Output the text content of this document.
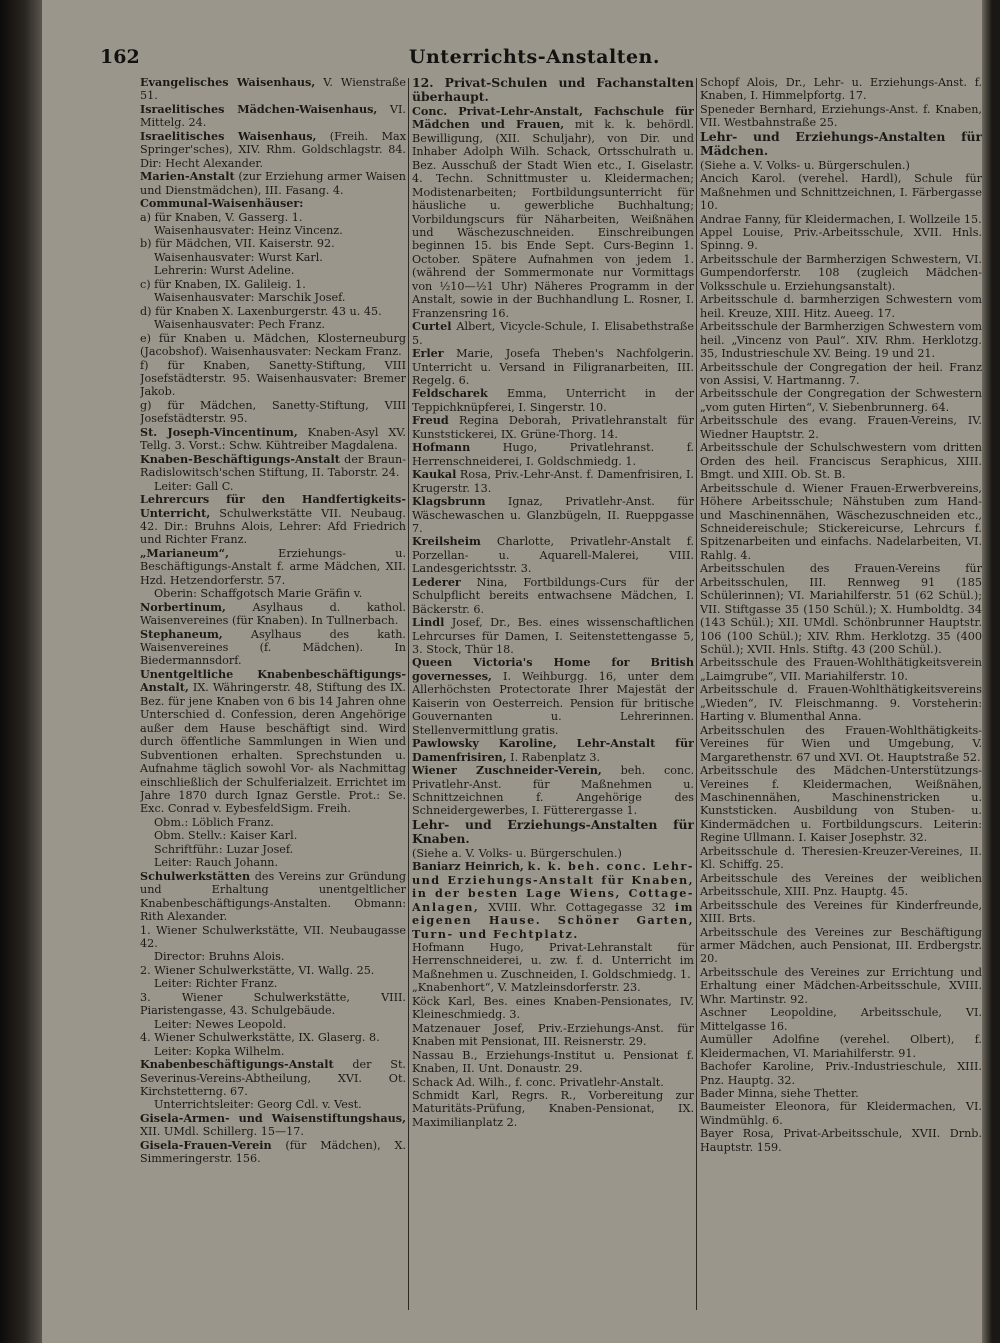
162	Unterrichts-Anstalten.

Evangelisches Waisenhaus, V. Wienstraße 51.

Israelitisches Mädchen-Waisenhaus, VI. Mittelg. 24.

Israelitisches Waisenhaus, (Freih. Max Springer'sches), XIV. Rhm. Goldschlagstr. 84. Dir: Hecht Alexander.

Marien-Anstalt (zur Erziehung armer Waisen und Dienstmädchen), III. Fasang. 4.

Communal-Waisenhäuser:

a) für Knaben, V. Gasserg. 1.

Waisenhausvater: Heinz Vincenz.

b) für Mädchen, VII. Kaiserstr. 92.

Waisenhausvater: Wurst Karl.

Lehrerin: Wurst Adeline.

c) für Knaben, IX. Galileig. 1.

Waisenhausvater: Marschik Josef.

d) für Knaben X. Laxenburgerstr. 43 u. 45.

Waisenhausvater: Pech Franz.

e) für Knaben u. Mädchen, Klosterneuburg (Jacobshof). Waisenhausvater: Neckam Franz.

f) für Knaben, Sanetty-Stiftung, VIII Josefstädterstr. 95. Waisenhausvater: Bremer Jakob.

g) für Mädchen, Sanetty-Stiftung, VIII Josefstädterstr. 95.

St. Joseph-Vincentinum, Knaben-Asyl XV. Tellg. 3. Vorst.: Schw. Kühtreiber Magdalena.

Knaben-Beschäftigungs-Anstalt der Braun-Radislowitsch'schen Stiftung, II. Taborstr. 24.

Leiter: Gall C.

Lehrercurs für den Handfertigkeits-Unterricht, Schulwerkstätte VII. Neubaug. 42. Dir.: Bruhns Alois, Lehrer: Afd Friedrich und Richter Franz.

„Marianeum“, Erziehungs- u. Beschäftigungs-Anstalt f. arme Mädchen, XII. Hzd. Hetzendorferstr. 57.

Oberin: Schaffgotsch Marie Gräfin v.

Norbertinum, Asylhaus d. kathol. Waisenvereines (für Knaben). In Tullnerbach.

Stephaneum, Asylhaus des kath. Waisenvereines (f. Mädchen). In Biedermannsdorf.

Unentgeltliche Knabenbeschäftigungs-Anstalt, IX. Währingerstr. 48, Stiftung des IX. Bez. für jene Knaben von 6 bis 14 Jahren ohne Unterschied d. Confession, deren Angehörige außer dem Hause beschäftigt sind. Wird durch öffentliche Sammlungen in Wien und Subventionen erhalten. Sprechstunden u. Aufnahme täglich sowohl Vor- als Nachmittag einschließlich der Schulferialzeit. Errichtet im Jahre 1870 durch Ignaz Gerstle. Prot.: Se. Exc. Conrad v. EybesfeldSigm. Freih.

Obm.: Löblich Franz.

Obm. Stellv.: Kaiser Karl.

Schriftführ.: Luzar Josef.

Leiter: Rauch Johann.

Schulwerkstätten des Vereins zur Gründung und Erhaltung unentgeltlicher Knabenbeschäftigungs-Anstalten. Obmann: Rith Alexander.

1. Wiener Schulwerkstätte, VII. Neubaugasse 42.

Director: Bruhns Alois.

2. Wiener Schulwerkstätte, VI. Wallg. 25.

Leiter: Richter Franz.

3. Wiener Schulwerkstätte, VIII. Piaristengasse, 43. Schulgebäude.

Leiter: Newes Leopold.

4. Wiener Schulwerkstätte, IX. Glaserg. 8.

Leiter: Kopka Wilhelm.

Knabenbeschäftigungs-Anstalt der St. Severinus-Vereins-Abtheilung, XVI. Ot. Kirchstetterng. 67.

Unterrichtsleiter: Georg Cdl. v. Vest.

Gisela-Armen- und Waisenstiftungshaus, XII. UMdl. Schillerg. 15—17.

Gisela-Frauen-Verein (für Mädchen), X. Simmeringerstr. 156.

12. Privat-Schulen und Fachanstalten überhaupt.

Conc. Privat-Lehr-Anstalt, Fachschule für Mädchen und Frauen, mit k. k. behördl. Bewilligung, (XII. Schuljahr), von Dir. und Inhaber Adolph Wilh. Schack, Ortsschulrath u. Bez. Ausschuß der Stadt Wien etc., I. Giselastr. 4. Techn. Schnittmuster u. Kleidermachen; Modistenarbeiten; Fortbildungsunterricht für häusliche u. gewerbliche Buchhaltung; Vorbildungscurs für Näharbeiten, Weißnähen und Wäschezuschneiden. Einschreibungen beginnen 15. bis Ende Sept. Curs-Beginn 1. October. Spätere Aufnahmen von jedem 1. (während der Sommermonate nur Vormittags von ½10—½1 Uhr) Näheres Programm in der Anstalt, sowie in der Buchhandlung L. Rosner, I. Franzensring 16.

Curtel Albert, Vicycle-Schule, I. Elisabethstraße 5.

Erler Marie, Josefa Theben's Nachfolgerin. Unterricht u. Versand in Filigranarbeiten, III. Regelg. 6.

Feldscharek Emma, Unterricht in der Teppichknüpferei, I. Singerstr. 10.

Freud Regina Deborah, Privatlehranstalt für Kunststickerei, IX. Grüne-Thorg. 14.

Hofmann Hugo, Privatlehranst. f. Herrenschneiderei, I. Goldschmiedg. 1.

Kaukal Rosa, Priv.-Lehr-Anst. f. Damenfrisiren, I. Krugerstr. 13.

Klagsbrunn Ignaz, Privatlehr-Anst. für Wäschewaschen u. Glanzbügeln, II. Rueppgasse 7.

Kreilsheim Charlotte, Privatlehr-Anstalt f. Porzellan- u. Aquarell-Malerei, VIII. Landesgerichtsstr. 3.

Lederer Nina, Fortbildungs-Curs für der Schulpflicht bereits entwachsene Mädchen, I. Bäckerstr. 6.

Lindl Josef, Dr., Bes. eines wissenschaftlichen Lehrcurses für Damen, I. Seitenstettengasse 5, 3. Stock, Thür 18.

Queen Victoria's Home for British governesses, I. Weihburgg. 16, unter dem Allerhöchsten Protectorate Ihrer Majestät der Kaiserin von Oesterreich. Pension für britische Gouvernanten u. Lehrerinnen. Stellenvermittlung gratis.

Pawlowsky Karoline, Lehr-Anstalt für Damenfrisiren, I. Rabenplatz 3.

Wiener Zuschneider-Verein, beh. conc. Privatlehr-Anst. für Maßnehmen u. Schnittzeichnen f. Angehörige des Schneidergewerbes, I. Fütterergasse 1.

Lehr- und Erziehungs-Anstalten für Knaben.

(Siehe a. V. Volks- u. Bürgerschulen.)

Baniarz Heinrich, k. k. beh. conc. Lehr- und Erziehungs-Anstalt für Knaben, in der besten Lage Wiens, Cottage-Anlagen, XVIII. Whr. Cottagegasse 32 im eigenen Hause. Schöner Garten, Turn- und Fechtplatz.

Hofmann Hugo, Privat-Lehranstalt für Herrenschneiderei, u. zw. f. d. Unterricht im Maßnehmen u. Zuschneiden, I. Goldschmiedg. 1.

„Knabenhort“, V. Matzleinsdorferstr. 23.

Köck Karl, Bes. eines Knaben-Pensionates, IV. Kleineschmiedg. 3.

Matzenauer Josef, Priv.-Erziehungs-Anst. für Knaben mit Pensionat, III. Reisnerstr. 29.

Nassau B., Erziehungs-Institut u. Pensionat f. Knaben, II. Unt. Donaustr. 29.

Schack Ad. Wilh., f. conc. Privatlehr-Anstalt.

Schmidt Karl, Regrs. R., Vorbereitung zur Maturitäts-Prüfung, Knaben-Pensionat, IX. Maximilianplatz 2.

Schopf Alois, Dr., Lehr- u. Erziehungs-Anst. f. Knaben, I. Himmelpfortg. 17.

Speneder Bernhard, Erziehungs-Anst. f. Knaben, VII. Westbahnstraße 25.

Lehr- und Erziehungs-Anstalten für Mädchen.

(Siehe a. V. Volks- u. Bürgerschulen.)

Ancich Karol. (verehel. Hardl), Schule für Maßnehmen und Schnittzeichnen, I. Färbergasse 10.

Andrae Fanny, für Kleidermachen, I. Wollzeile 15.

Appel Louise, Priv.-Arbeitsschule, XVII. Hnls. Spinng. 9.

Arbeitsschule der Barmherzigen Schwestern, VI. Gumpendorferstr. 108 (zugleich Mädchen-Volksschule u. Erziehungsanstalt).

Arbeitsschule d. barmherzigen Schwestern vom heil. Kreuze, XIII. Hitz. Aueeg. 17.

Arbeitsschule der Barmherzigen Schwestern vom heil. „Vincenz von Paul“. XIV. Rhm. Herklotzg. 35, Industrieschule XV. Being. 19 und 21.

Arbeitsschule der Congregation der heil. Franz von Assisi, V. Hartmanng. 7.

Arbeitsschule der Congregation der Schwestern „vom guten Hirten“, V. Siebenbrunnerg. 64.

Arbeitsschule des evang. Frauen-Vereins, IV. Wiedner Hauptstr. 2.

Arbeitsschule der Schulschwestern vom dritten Orden des heil. Franciscus Seraphicus, XIII. Bmgt. und XIII. Ob. St. B.

Arbeitsschule d. Wiener Frauen-Erwerbvereins, Höhere Arbeitsschule; Nähstuben zum Hand- und Maschinennähen, Wäschezuschneiden etc., Schneidereischule; Stickereicurse, Lehrcurs f. Spitzenarbeiten und einfachs. Nadelarbeiten, VI. Rahlg. 4.

Arbeitsschulen des Frauen-Vereins für Arbeitsschulen, III. Rennweg 91 (185 Schülerinnen); VI. Mariahilferstr. 51 (62 Schül.); VII. Stiftgasse 35 (150 Schül.); X. Humboldtg. 34 (143 Schül.); XII. UMdl. Schönbrunner Hauptstr. 106 (100 Schül.); XIV. Rhm. Herklotzg. 35 (400 Schül.); XVII. Hnls. Stiftg. 43 (200 Schül.).

Arbeitsschule des Frauen-Wohlthätigkeitsverein „Laimgrube“, VII. Mariahilferstr. 10.

Arbeitsschule d. Frauen-Wohlthätigkeitsvereins „Wieden“, IV. Fleischmanng. 9. Vorsteherin: Harting v. Blumenthal Anna.

Arbeitsschulen des Frauen-Wohlthätigkeits-Vereines für Wien und Umgebung, V. Margarethenstr. 67 und XVI. Ot. Hauptstraße 52.

Arbeitsschule des Mädchen-Unterstützungs-Vereines f. Kleidermachen, Weißnähen, Maschinennähen, Maschinenstricken u. Kunststicken. Ausbildung von Stuben- u. Kindermädchen u. Fortbildungscurs. Leiterin: Regine Ullmann. I. Kaiser Josephstr. 32.

Arbeitsschule d. Theresien-Kreuzer-Vereines, II. Kl. Schiffg. 25.

Arbeitsschule des Vereines der weiblichen Arbeitsschule, XIII. Pnz. Hauptg. 45.

Arbeitsschule des Vereines für Kinderfreunde, XIII. Brts.

Arbeitsschule des Vereines zur Beschäftigung armer Mädchen, auch Pensionat, III. Erdbergstr. 20.

Arbeitsschule des Vereines zur Errichtung und Erhaltung einer Mädchen-Arbeitsschule, XVIII. Whr. Martinstr. 92.

Aschner Leopoldine, Arbeitsschule, VI. Mittelgasse 16.

Aumüller Adolfine (verehel. Olbert), f. Kleidermachen, VI. Mariahilferstr. 91.

Bachofer Karoline, Priv.-Industrieschule, XIII. Pnz. Hauptg. 32.

Bader Minna, siehe Thetter.

Baumeister Eleonora, für Kleidermachen, VI. Windmühlg. 6.

Bayer Rosa, Privat-Arbeitsschule, XVII. Drnb. Hauptstr. 159.
